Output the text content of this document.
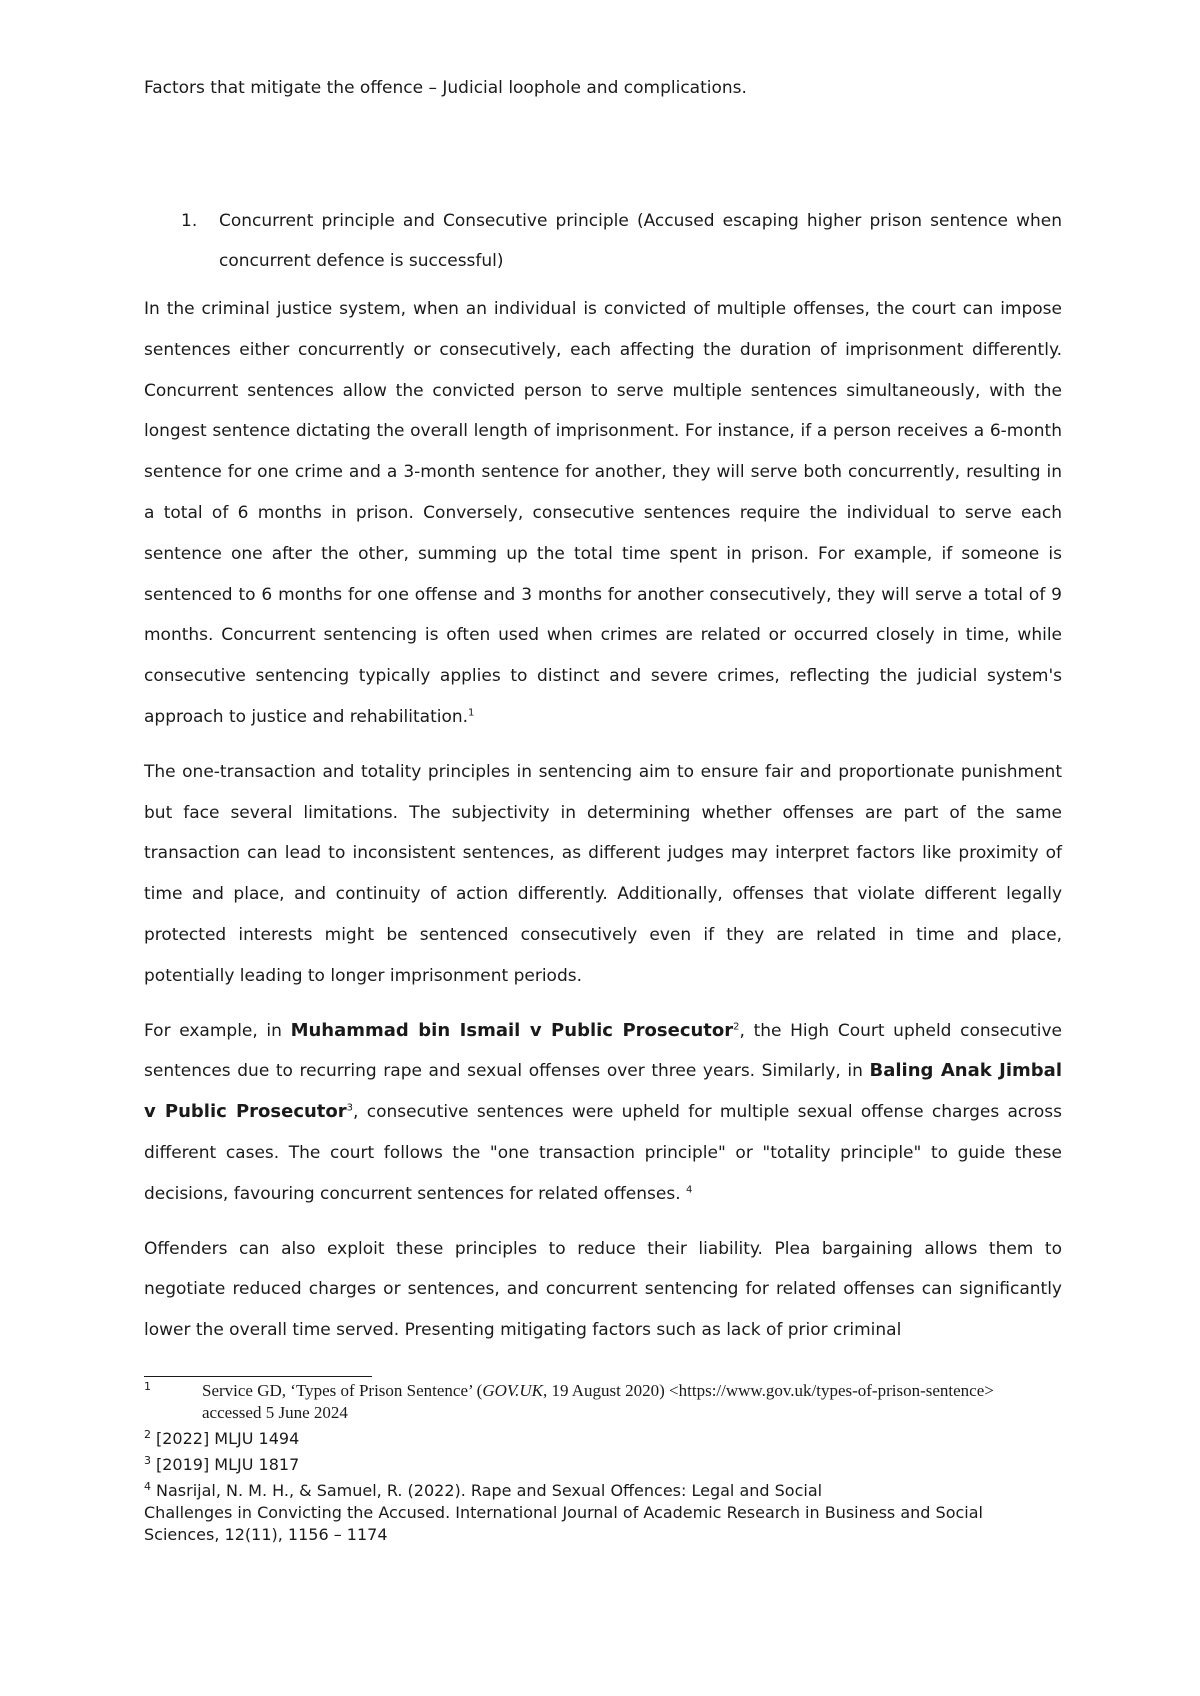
Factors that mitigate the offence – Judicial loophole and complications.

1.	Concurrent principle and Consecutive principle (Accused escaping higher prison sentence when concurrent defence is successful)

In the criminal justice system, when an individual is convicted of multiple offenses, the court can impose sentences either concurrently or consecutively, each affecting the duration of imprisonment differently. Concurrent sentences allow the convicted person to serve multiple sentences simultaneously, with the longest sentence dictating the overall length of imprisonment. For instance, if a person receives a 6-month sentence for one crime and a 3-month sentence for another, they will serve both concurrently, resulting in a total of 6 months in prison. Conversely, consecutive sentences require the individual to serve each sentence one after the other, summing up the total time spent in prison. For example, if someone is sentenced to 6 months for one offense and 3 months for another consecutively, they will serve a total of 9 months. Concurrent sentencing is often used when crimes are related or occurred closely in time, while consecutive sentencing typically applies to distinct and severe crimes, reflecting the judicial system's approach to justice and rehabilitation.$^1$

The one-transaction and totality principles in sentencing aim to ensure fair and proportionate punishment but face several limitations. The subjectivity in determining whether offenses are part of the same transaction can lead to inconsistent sentences, as different judges may interpret factors like proximity of time and place, and continuity of action differently. Additionally, offenses that violate different legally protected interests might be sentenced consecutively even if they are related in time and place, potentially leading to longer imprisonment periods.

For example, in Muhammad bin Ismail v Public Prosecutor$^2$, the High Court upheld consecutive sentences due to recurring rape and sexual offenses over three years. Similarly, in Baling Anak Jimbal v Public Prosecutor$^3$, consecutive sentences were upheld for multiple sexual offense charges across different cases. The court follows the "one transaction principle" or "totality principle" to guide these decisions, favouring concurrent sentences for related offenses. $^4$

Offenders can also exploit these principles to reduce their liability. Plea bargaining allows them to negotiate reduced charges or sentences, and concurrent sentencing for related offenses can significantly lower the overall time served. Presenting mitigating factors such as lack of prior criminal

1	Service GD, ‘Types of Prison Sentence’ (GOV.UK, 19 August 2020) <https://www.gov.uk/types-of-prison-sentence> accessed 5 June 2024
2 [2022] MLJU 1494
3 [2019] MLJU 1817
4 Nasrijal, N. M. H., & Samuel, R. (2022). Rape and Sexual Offences: Legal and Social
Challenges in Convicting the Accused. International Journal of Academic Research in Business and Social Sciences, 12(11), 1156 – 1174
